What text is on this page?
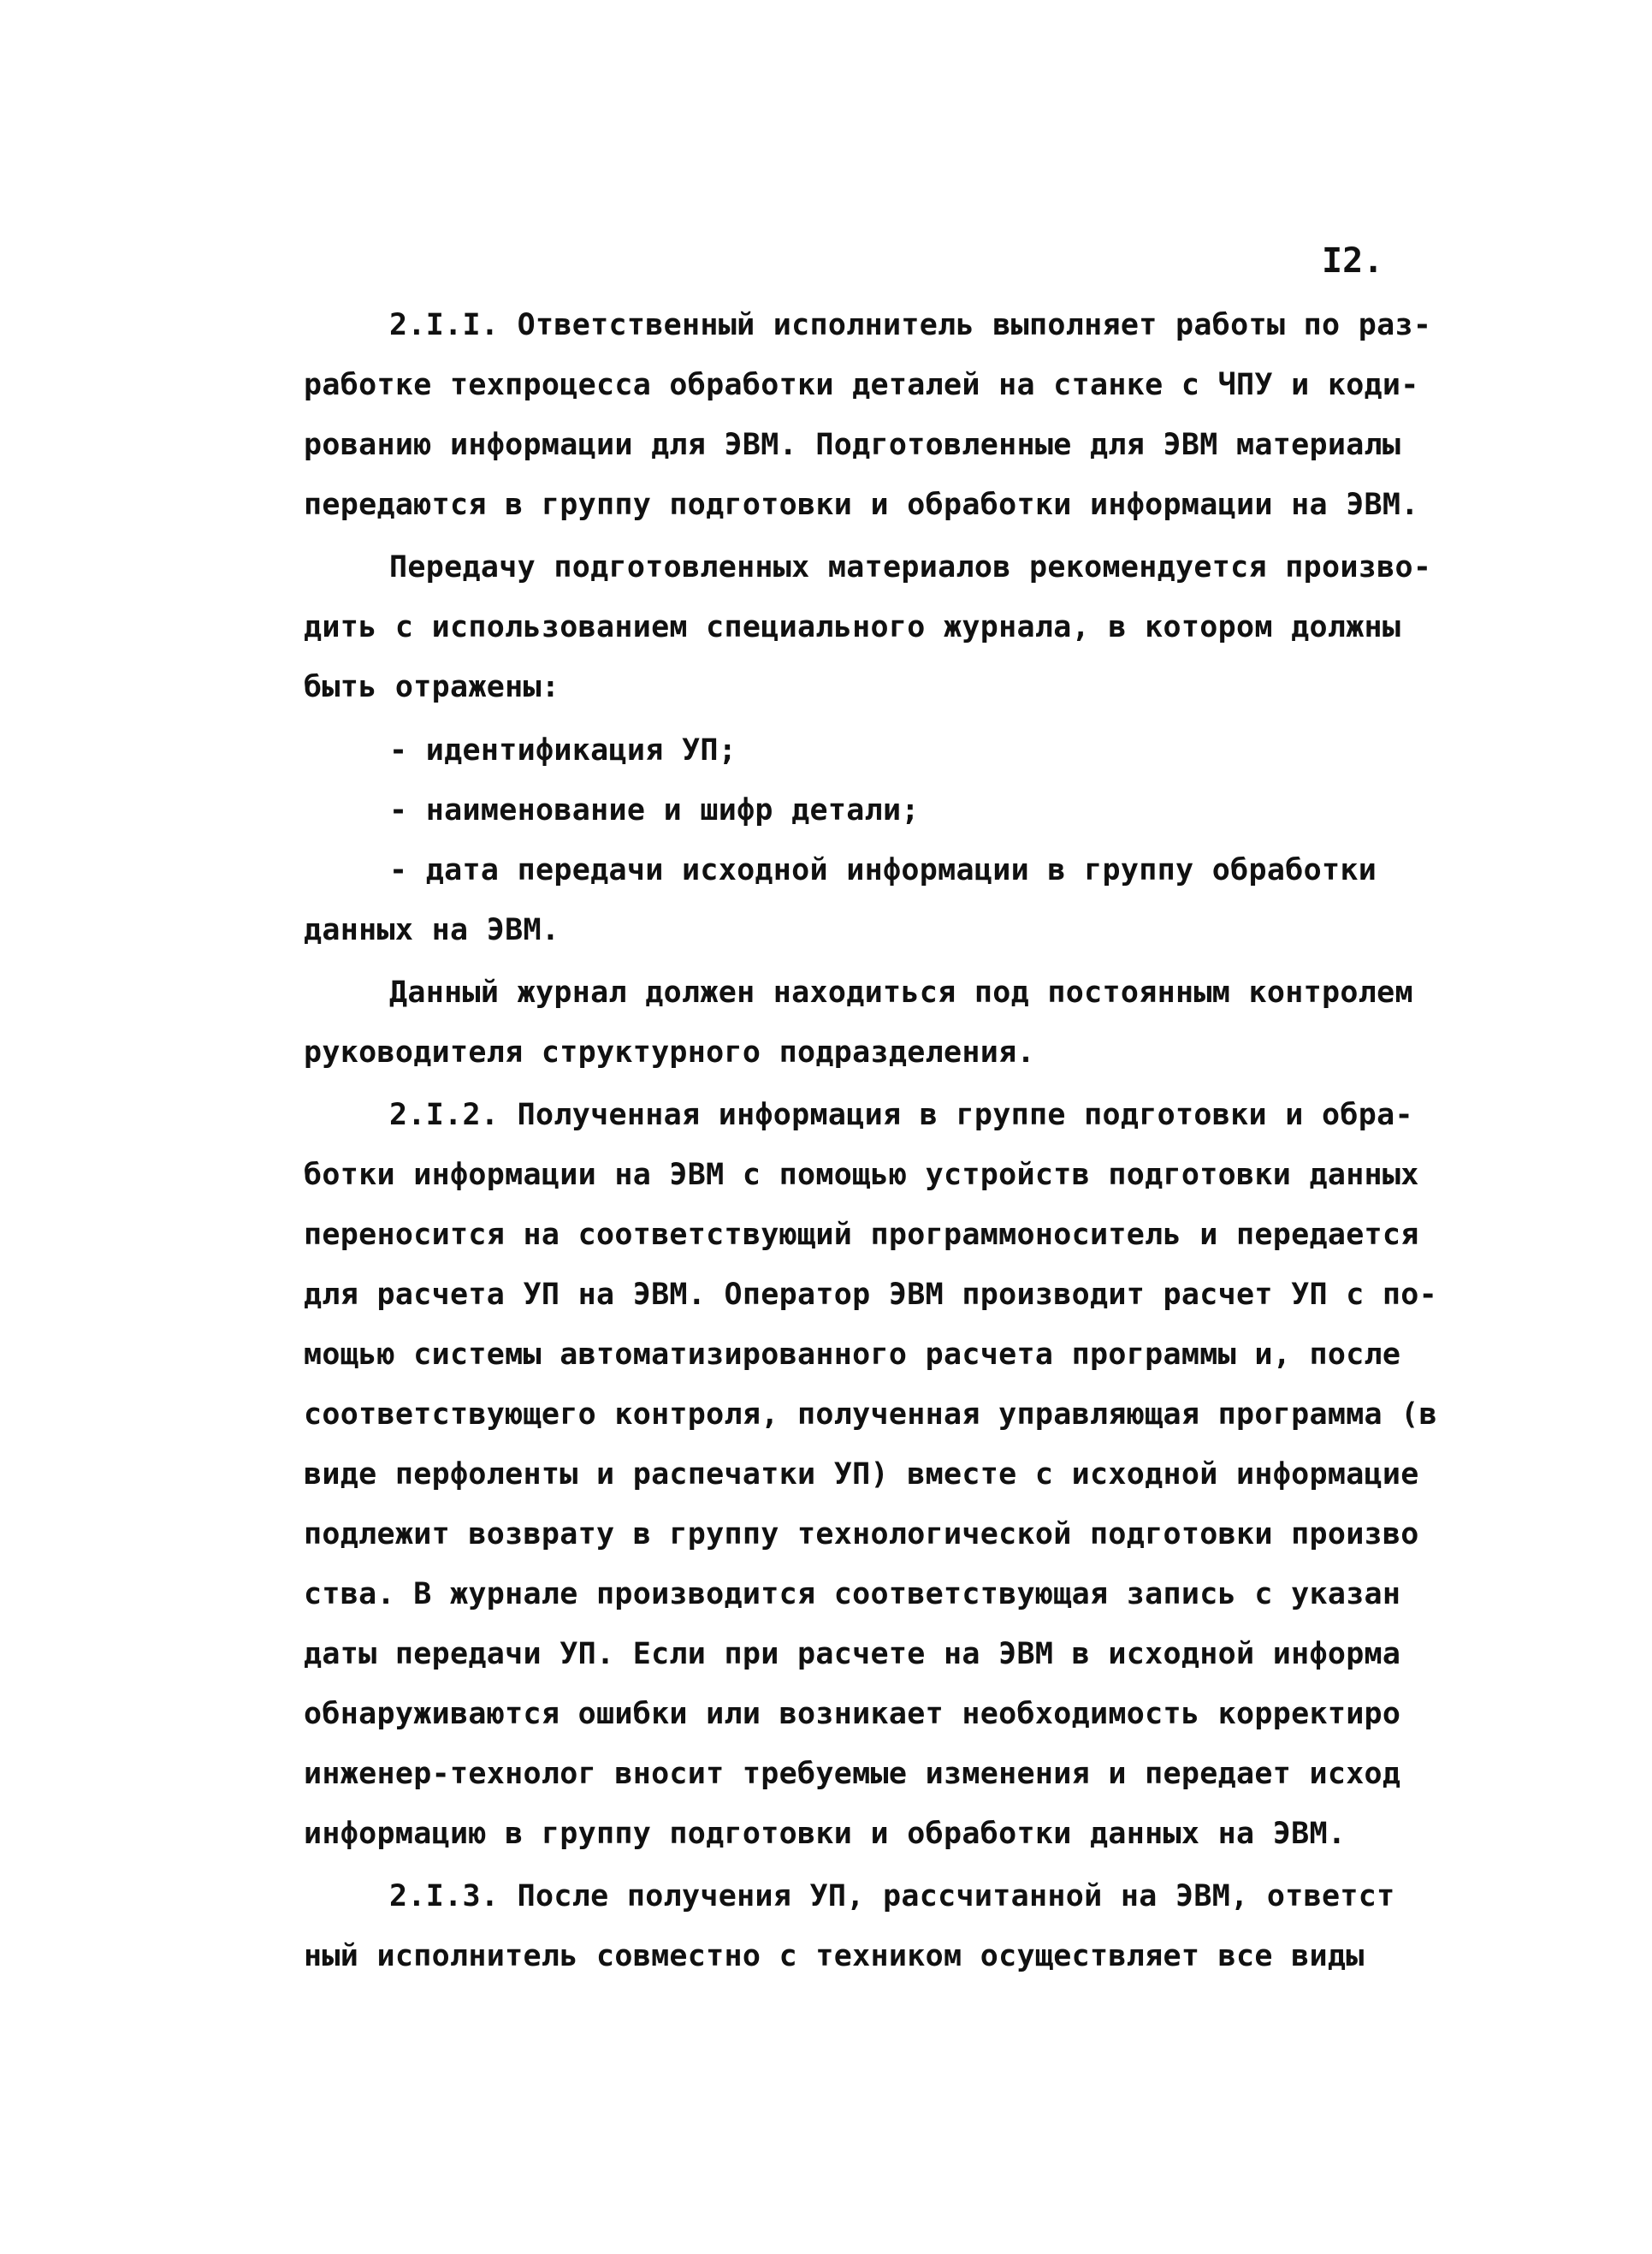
I2.
2.I.I. Ответственный исполнитель выполняет работы по раз-
работке техпроцесса обработки деталей на станке с ЧПУ и коди-
рованию информации для ЭВМ. Подготовленные для ЭВМ материалы
передаются в группу подготовки и обработки информации на ЭВМ.
Передачу подготовленных материалов рекомендуется произво-
дить с использованием специального журнала, в котором должны
быть отражены:
- идентификация УП;
- наименование и шифр детали;
- дата передачи исходной информации в группу обработки
данных на ЭВМ.
Данный журнал должен находиться под постоянным контролем
руководителя структурного подразделения.
2.I.2. Полученная информация в группе подготовки и обра-
ботки информации на ЭВМ с помощью устройств подготовки данных
переносится на соответствующий программоноситель и передается
для расчета УП на ЭВМ. Оператор ЭВМ производит расчет УП с по-
мощью системы автоматизированного расчета программы и, после
соответствующего контроля, полученная управляющая программа (в
виде перфоленты и распечатки УП) вместе с исходной информацие
подлежит возврату в группу технологической подготовки произво
ства. В журнале производится соответствующая запись с указан
даты передачи УП. Если при расчете на ЭВМ в исходной информа
обнаруживаются ошибки или возникает необходимость корректиро
инженер-технолог вносит требуемые изменения и передает исход
информацию в группу подготовки и обработки данных на ЭВМ.
2.I.3. После получения УП, рассчитанной на ЭВМ, ответст
ный исполнитель совместно с техником осуществляет все виды
